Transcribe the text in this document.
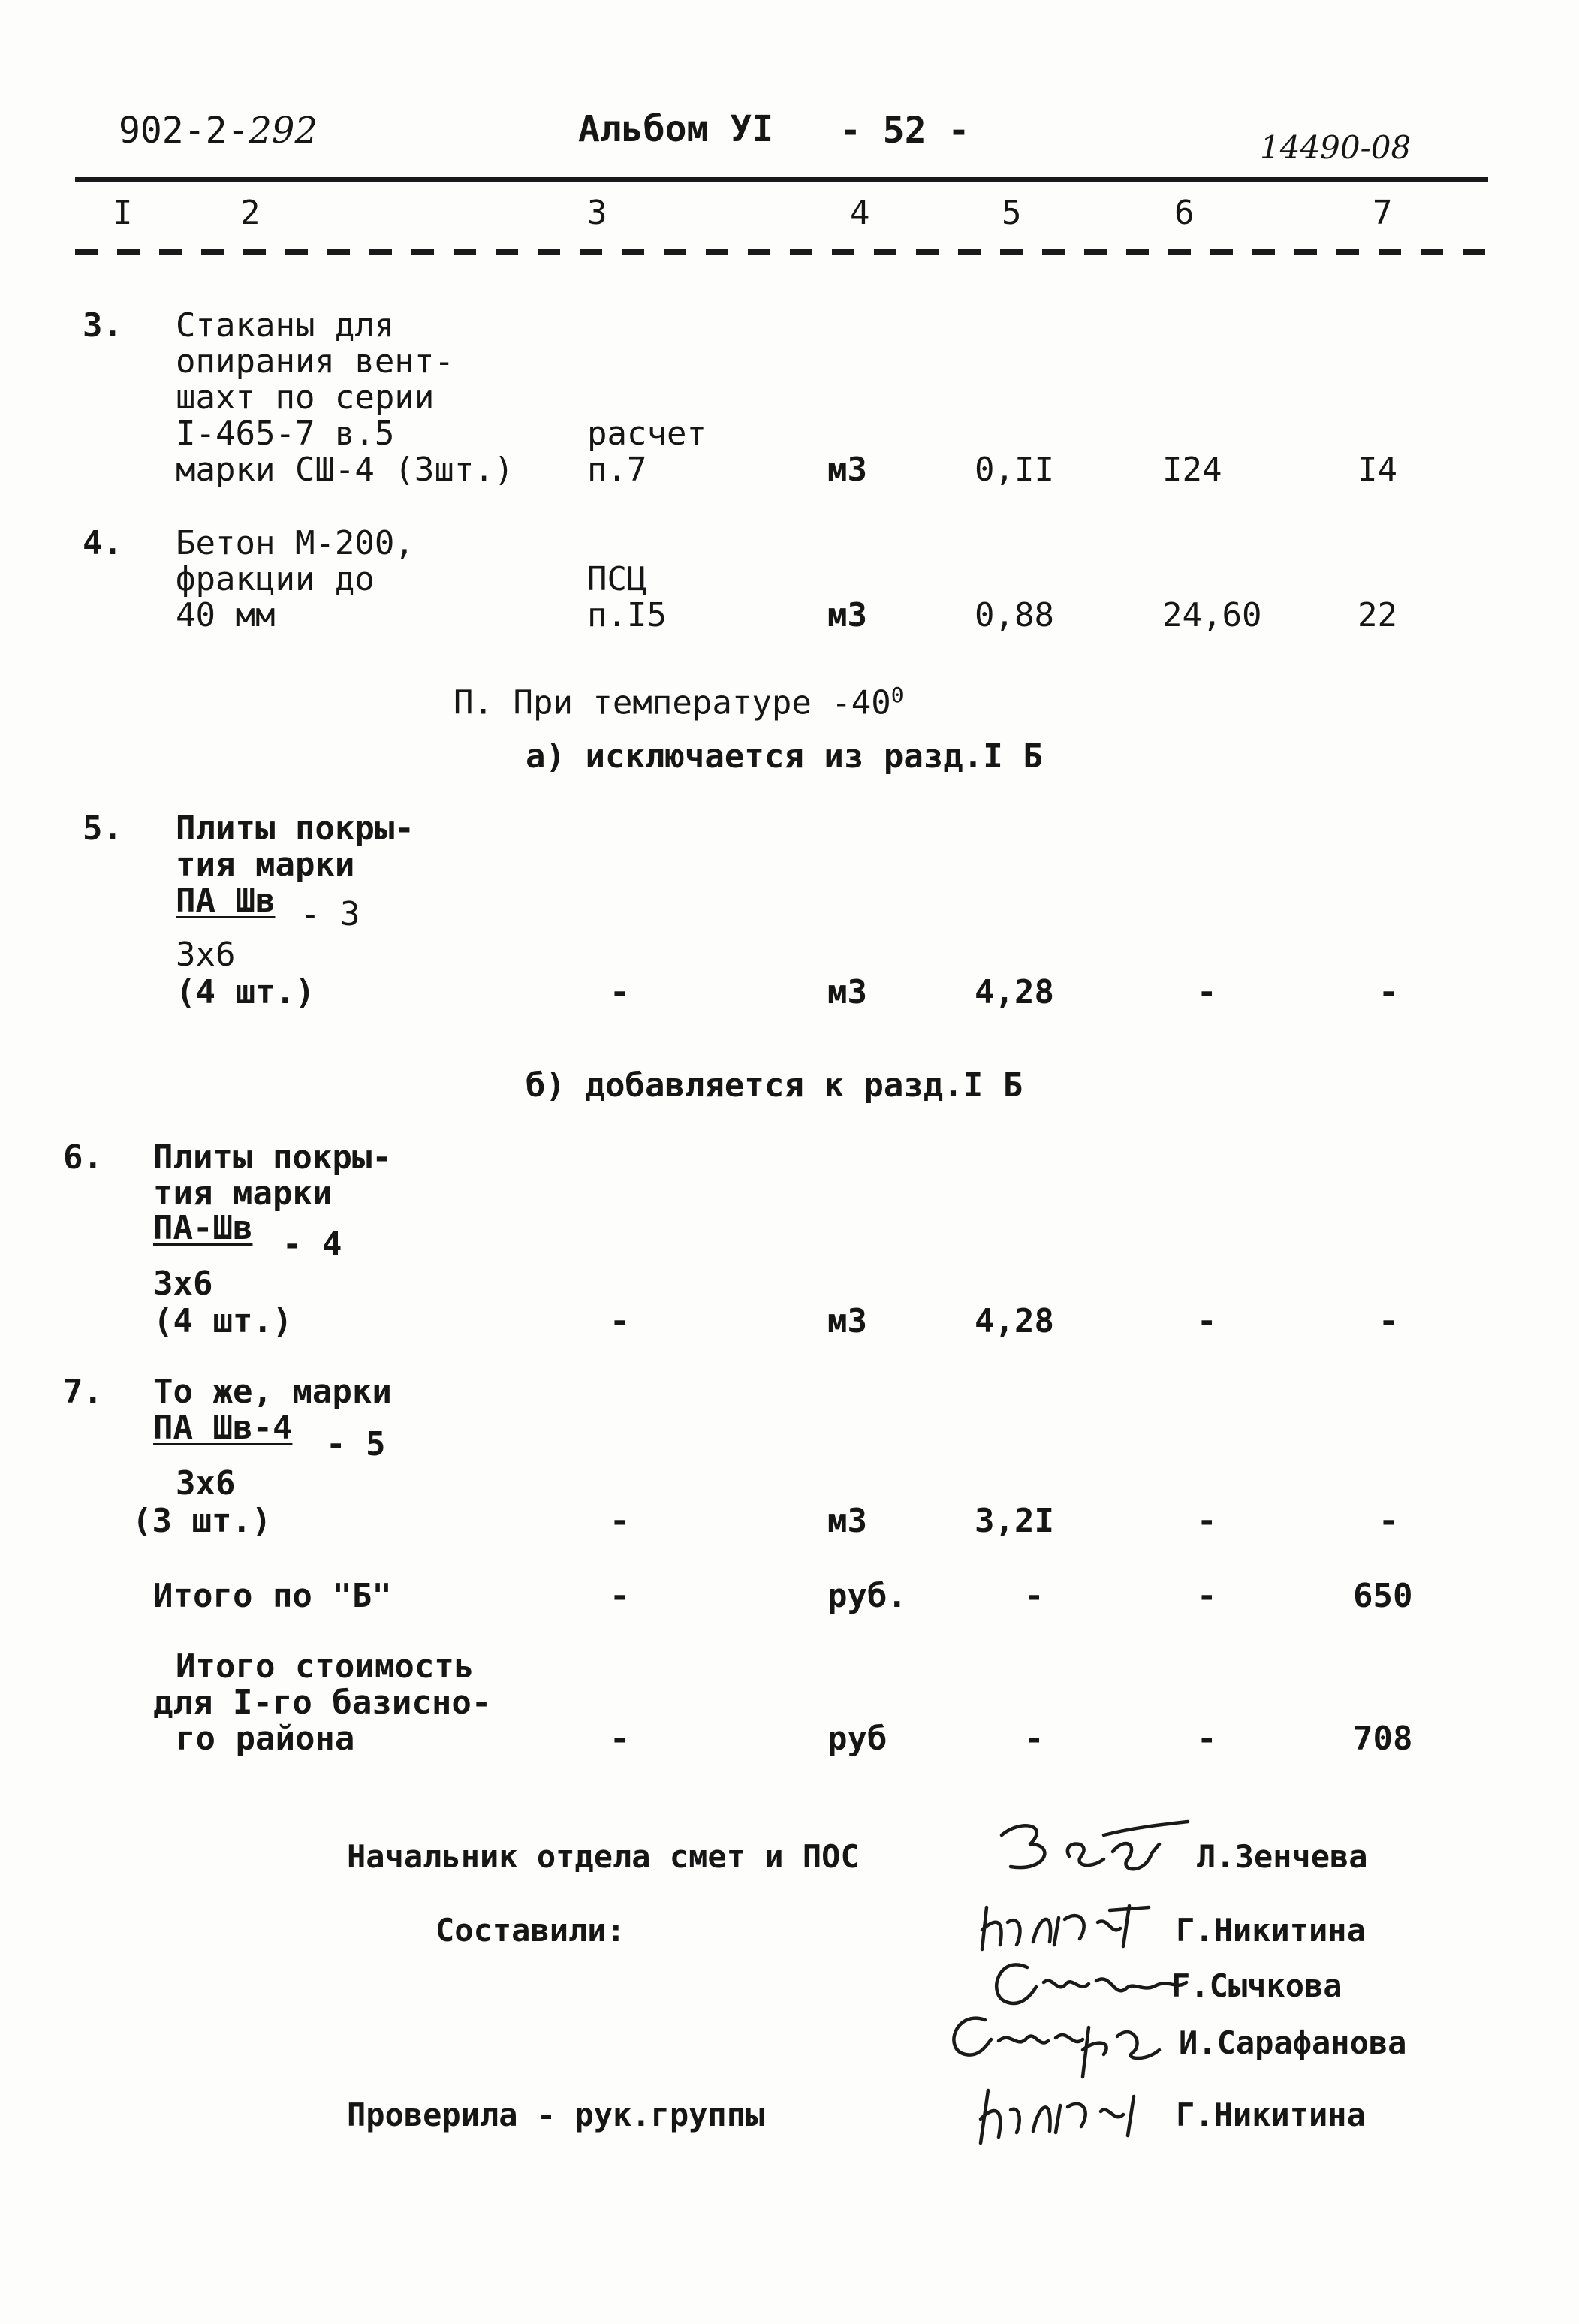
902-2-292	Альбом УI - 52 -	14490-08
I	2	3	4	5	6	7
3. Стаканы для
опирания вент-
шахт по серии
I-465-7 в.5
марки СШ-4 (3шт.)
расчет
п.7	м3	0,II	I24	I4
4. Бетон М-200,
фракции до
40 мм
ПСЦ
п.I5	м3	0,88	24,60	22
П. При температуре $-40^0$
а) исключается из разд.I Б
5. Плиты покры-
тия марки
ПА Шв - 3
3х6
(4 шт.)	-	м3	4,28	-	-
б) добавляется к разд.I Б
6. Плиты покры-
тия марки
ПА-Шв - 4
3х6
(4 шт.)	-	м3	4,28	-	-
7. То же, марки
ПА Шв-4 - 5
3х6
(3 шт.)	-	м3	3,2I	-	-
Итого по "Б"	-	руб.	-	-	650
Итого стоимость
для I-го базисно-
го района	-	руб	-	-	708
Начальник отдела смет и ПОС	Л.Зенчева
Составили:	Г.Никитина
Г.Сычкова
И.Сарафанова
Проверила - рук.группы	Г.Никитина
